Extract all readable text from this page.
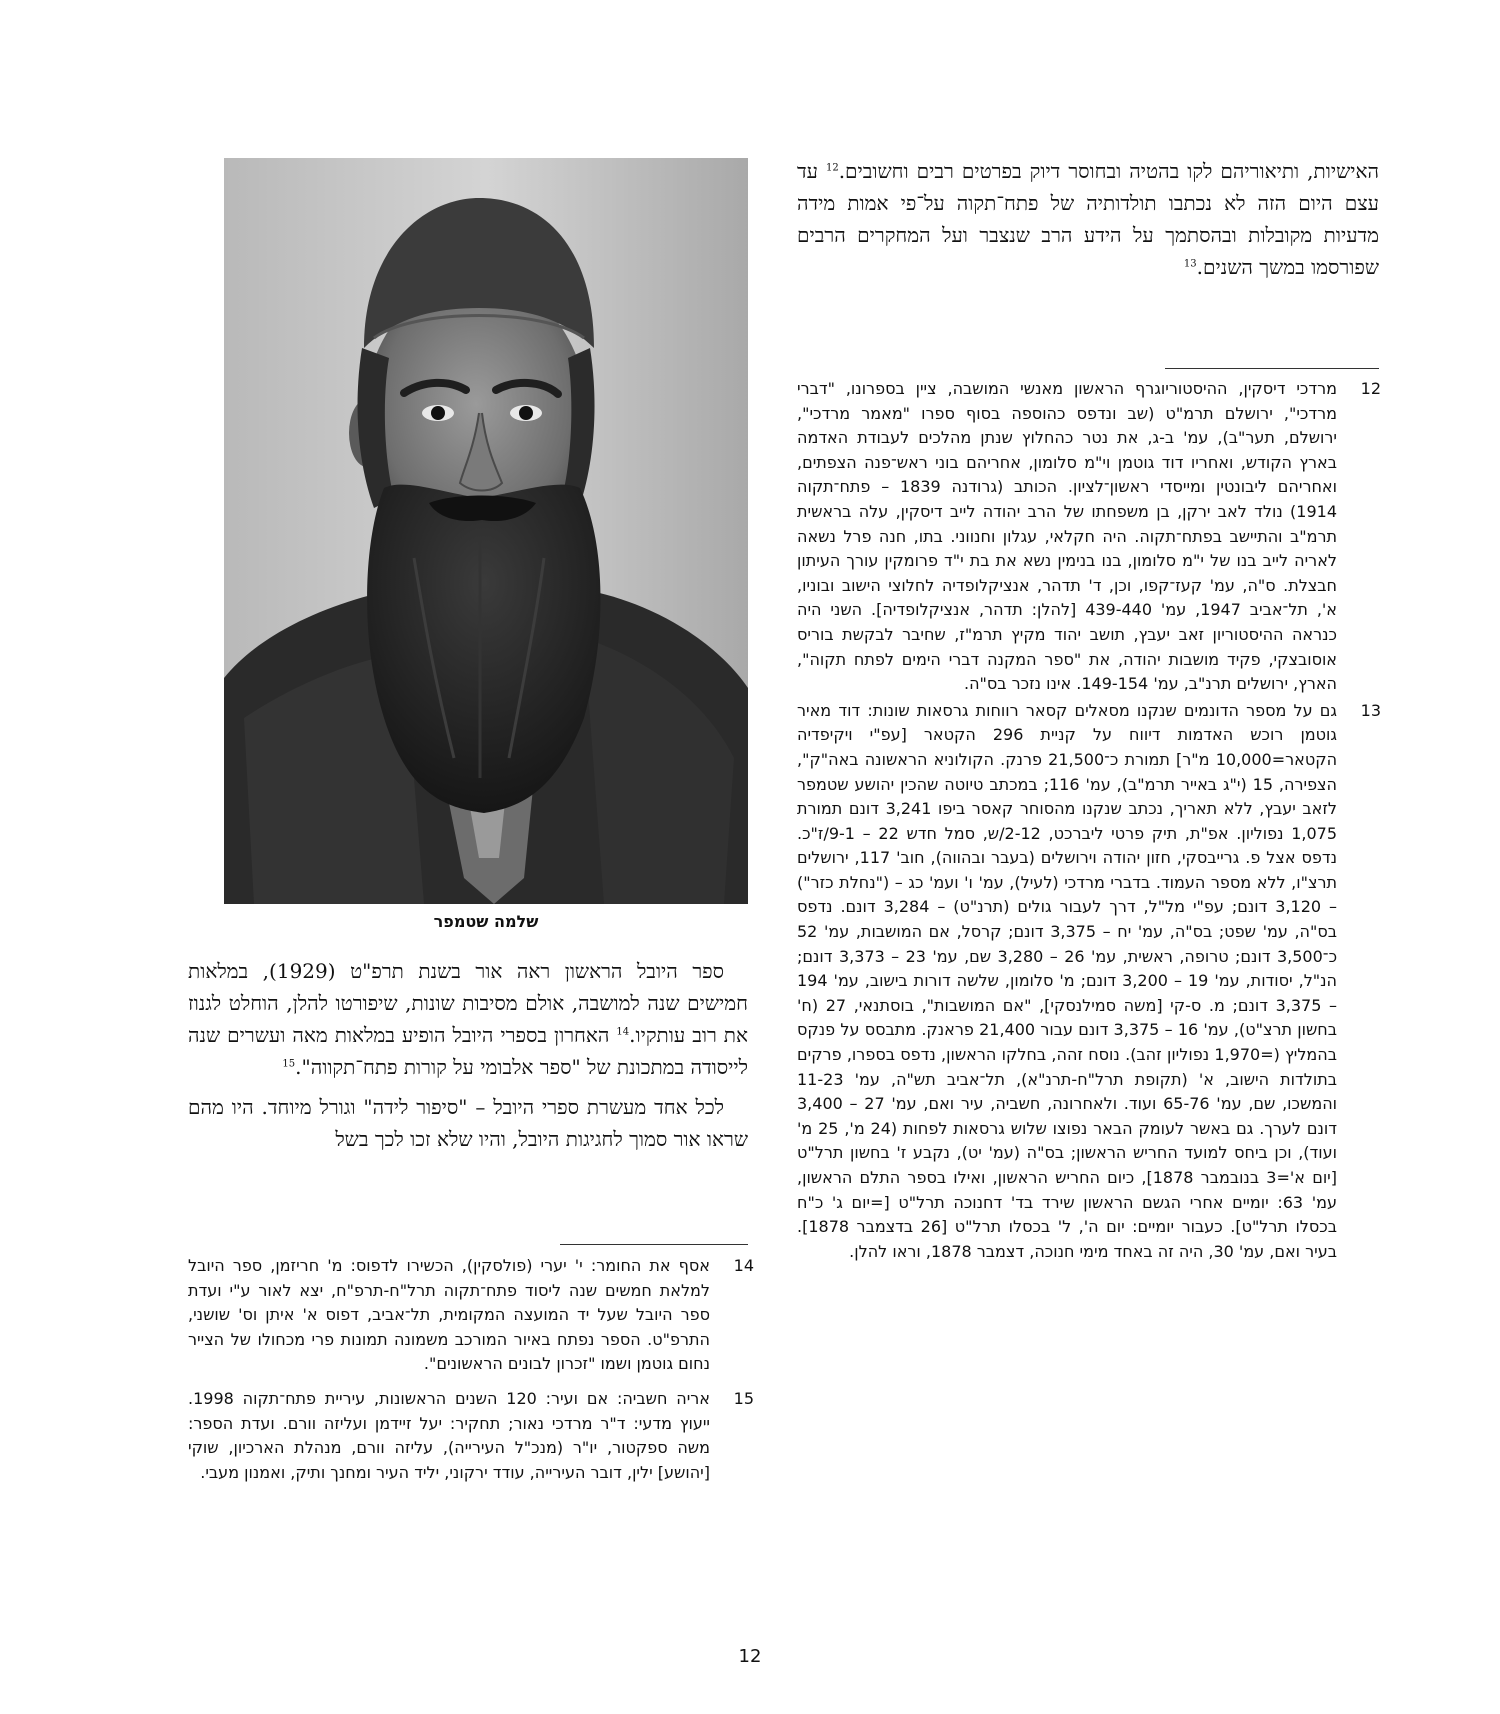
האישיות, ותיאוריהם לקו בהטיה ובחוסר דיוק בפרטים רבים וחשובים.$^{12}$ עד עצם היום הזה לא נכתבו תולדותיה של פתח־תקוה על־פי אמות מידה מדעיות מקובלות ובהסתמך על הידע הרב שנצבר ועל המחקרים הרבים שפורסמו במשך השנים.$^{13}$

12
מרדכי דיסקין, ההיסטוריוגרף הראשון מאנשי המושבה, ציין בספרונו, "דברי מרדכי", ירושלם תרמ"ט (שב ונדפס כהוספה בסוף ספרו "מאמר מרדכי", ירושלם, תער"ב), עמ' ב-ג, את נטר כהחלוץ שנתן מהלכים לעבודת האדמה בארץ הקודש, ואחריו דוד גוטמן וי"מ סלומון, אחריהם בוני ראש־פנה הצפתים, ואחריהם ליבונטין ומייסדי ראשון־לציון. הכותב (גרודנה 1839 – פתח־תקוה 1914) נולד לאב ירקן, בן משפחתו של הרב יהודה לייב דיסקין, עלה בראשית תרמ"ב והתיישב בפתח־תקוה. היה חקלאי, עגלון וחנווני. בתו, חנה פרל נשאה לאריה לייב בנו של י"מ סלומון, בנו בנימין נשא את בת י"ד פרומקין עורך העיתון חבצלת. ס"ה, עמ' קעז־קפו, וכן, ד' תדהר, אנציקלופדיה לחלוצי הישוב ובוניו, א', תל־אביב 1947, עמ' 439-440 [להלן: תדהר, אנציקלופדיה]. השני היה כנראה ההיסטוריון זאב יעבץ, תושב יהוד מקיץ תרמ"ז, שחיבר לבקשת בוריס אוסובצקי, פקיד מושבות יהודה, את "ספר המקנה דברי הימים לפתח תקוה", הארץ, ירושלים תרנ"ב, עמ' 149-154. אינו נזכר בס"ה.
13
גם על מספר הדונמים שנקנו מסאלים קסאר רווחות גרסאות שונות: דוד מאיר גוטמן רוכש האדמות דיווח על קניית 296 הקטאר [עפ"י ויקיפדיה הקטאר=10,000 מ"ר] תמורת כ־21,500 פרנק. הקולוניא הראשונה באה"ק", הצפירה, 15 (י"ג באייר תרמ"ב), עמ' 116; במכתב טיוטה שהכין יהושע שטמפר לזאב יעבץ, ללא תאריך, נכתב שנקנו מהסוחר קאסר ביפו 3,241 דונם תמורת 1,075 נפוליון. אפ"ת, תיק פרטי ליברכט, 2-12/ש, סמל חדש 22 – 9-1/ז"כ. נדפס אצל פ. גרייבסקי, חזון יהודה וירושלים (בעבר ובהווה), חוב' 117, ירושלים תרצ"ו, ללא מספר העמוד. בדברי מרדכי (לעיל), עמ' ו' ועמ' כג – ("נחלת כזר") – 3,120 דונם; עפ"י מל"ל, דרך לעבור גולים (תרנ"ט) – 3,284 דונם. נדפס בס"ה, עמ' שפט; בס"ה, עמ' יח – 3,375 דונם; קרסל, אם המושבות, עמ' 52 כ־3,500 דונם; טרופה, ראשית, עמ' 26 – 3,280 שם, עמ' 23 – 3,373 דונם; הנ"ל, יסודות, עמ' 19 – 3,200 דונם; מ' סלומון, שלשה דורות בישוב, עמ' 194 – 3,375 דונם; מ. ס-קי [משה סמילנסקי], "אם המושבות", בוסתנאי, 27 (ח' בחשון תרצ"ט), עמ' 16 – 3,375 דונם עבור 21,400 פראנק. מתבסס על פנקס בהמליץ (=1,970 נפוליון זהב). נוסח זהה, בחלקו הראשון, נדפס בספרו, פרקים בתולדות הישוב, א' (תקופת תרל"ח-תרנ"א), תל־אביב תש"ה, עמ' 11-23 והמשכו, שם, עמ' 65-76 ועוד. ולאחרונה, חשביה, עיר ואם, עמ' 27 – 3,400 דונם לערך. גם באשר לעומק הבאר נפוצו שלוש גרסאות לפחות (24 מ', 25 מ' ועוד), וכן ביחס למועד החריש הראשון; בס"ה (עמ' יט), נקבע ז' בחשון תרל"ט [יום א'=3 בנובמבר 1878], כיום החריש הראשון, ואילו בספר התלם הראשון, עמ' 63: יומיים אחרי הגשם הראשון שירד בד' דחנוכה תרל"ט [=יום ג' כ"ח בכסלו תרל"ט]. כעבור יומיים: יום ה', ל' בכסלו תרל"ט [26 בדצמבר 1878]. בעיר ואם, עמ' 30, היה זה באחד מימי חנוכה, דצמבר 1878, וראו להלן.
שלמה שטמפר

ספר היובל הראשון ראה אור בשנת תרפ"ט (1929), במלאות חמישים שנה למושבה, אולם מסיבות שונות, שיפורטו להלן, הוחלט לגנוז את רוב עותקיו.$^{14}$ האחרון בספרי היובל הופיע במלאות מאה ועשרים שנה לייסודה במתכונת של "ספר אלבומי על קורות פתח־תקווה".$^{15}$

לכל אחד מעשרת ספרי היובל – "סיפור לידה" וגורל מיוחד. היו מהם שראו אור סמוך לחגיגות היובל, והיו שלא זכו לכך בשל

14
אסף את החומר: י' יערי (פולסקין), הכשירו לדפוס: מ' חריזמן, ספר היובל למלאת חמשים שנה ליסוד פתח־תקוה תרל"ח-תרפ"ח, יצא לאור ע"י ועדת ספר היובל שעל יד המועצה המקומית, תל־אביב, דפוס א' איתן וס' שושני, התרפ"ט. הספר נפתח באיור המורכב משמונה תמונות פרי מכחולו של הצייר נחום גוטמן ושמו "זכרון לבונים הראשונים".
15
אריה חשביה: אם ועיר: 120 השנים הראשונות, עיריית פתח־תקוה 1998. ייעוץ מדעי: ד"ר מרדכי נאור; תחקיר: יעל זיידמן ועליזה וורם. ועדת הספר: משה ספקטור, יו"ר (מנכ"ל העירייה), עליזה וורם, מנהלת הארכיון, שוקי [יהושע] ילין, דובר העירייה, עודד ירקוני, יליד העיר ומחנך ותיק, ואמנון מעבי.
12
